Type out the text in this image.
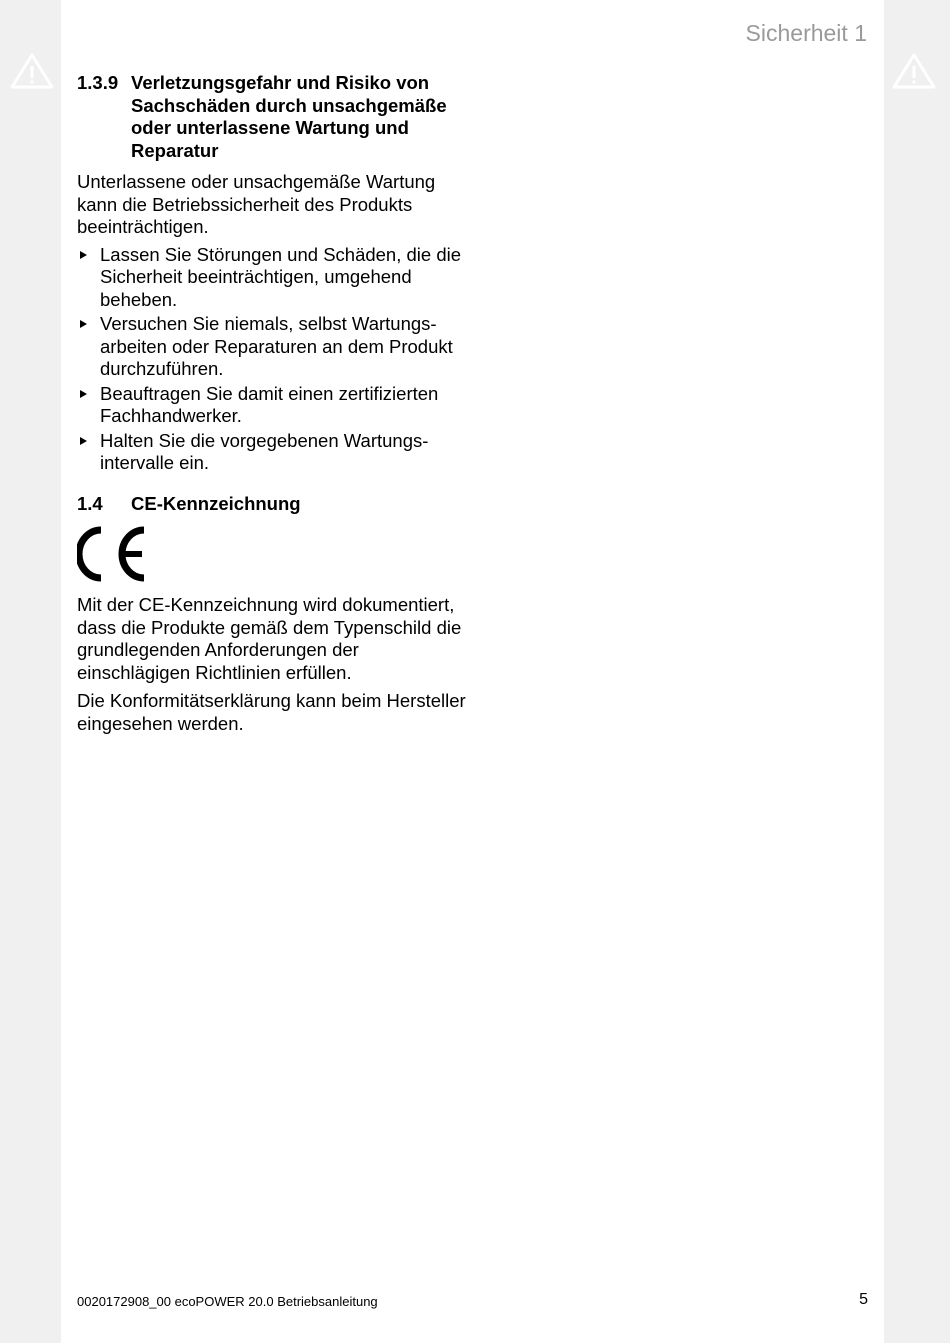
Sicherheit 1
1.3.9 Verletzungsgefahr und Risiko von Sachschäden durch unsachgemäße oder unterlassene Wartung und Reparatur

Unterlassene oder unsachgemäße Wartung kann die Betriebssicherheit des Produkts beeinträchtigen.

Lassen Sie Störungen und Schäden, die die Sicherheit beeinträchtigen, umgehend beheben.
Versuchen Sie niemals, selbst Wartungsarbeiten oder Reparaturen an dem Produkt durchzuführen.
Beauftragen Sie damit einen zertifizierten Fachhandwerker.
Halten Sie die vorgegebenen Wartungsintervalle ein.
1.4	CE-Kennzeichnung

Mit der CE-Kennzeichnung wird dokumentiert, dass die Produkte gemäß dem Typenschild die grundlegenden Anforderungen der einschlägigen Richtlinien erfüllen.

Die Konformitätserklärung kann beim Hersteller eingesehen werden.

0020172908_00 ecoPOWER 20.0 Betriebsanleitung	5
